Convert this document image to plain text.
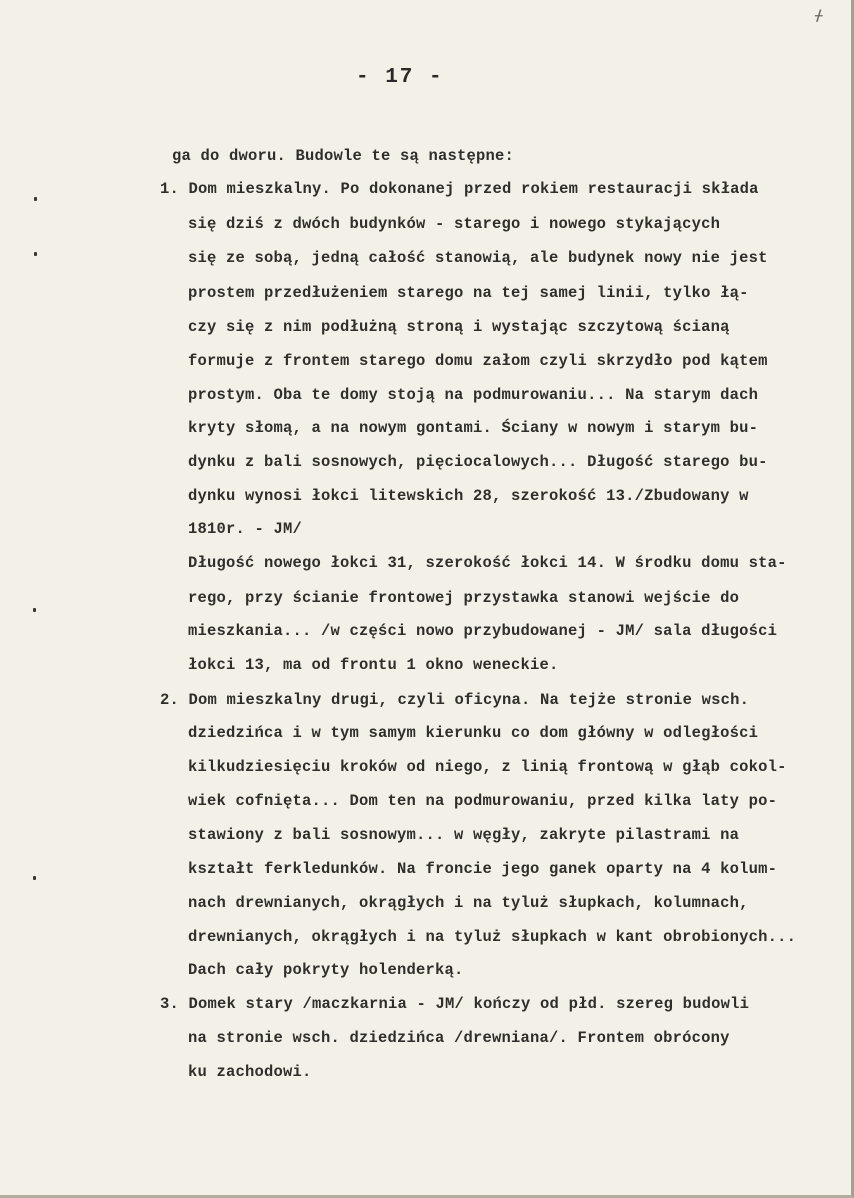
ᚋ
- 17 -
ga do dworu. Budowle te są następne:
1. Dom mieszkalny. Po dokonanej przed rokiem restauracji składa
się dziś z dwóch budynków - starego i nowego stykających
się ze sobą, jedną całość stanowią, ale budynek nowy nie jest
prostem przedłużeniem starego na tej samej linii, tylko łą-
czy się z nim podłużną stroną i wystając szczytową ścianą
formuje z frontem starego domu załom czyli skrzydło pod kątem
prostym. Oba te domy stoją na podmurowaniu... Na starym dach
kryty słomą, a na nowym gontami. Ściany w nowym i starym bu-
dynku z bali sosnowych, pięciocalowych... Długość starego bu-
dynku wynosi łokci litewskich 28, szerokość 13./Zbudowany w
1810r. - JM/
Długość nowego łokci 31, szerokość łokci 14. W środku domu sta-
rego, przy ścianie frontowej przystawka stanowi wejście do
mieszkania... /w części nowo przybudowanej - JM/ sala długości
łokci 13, ma od frontu 1 okno weneckie.
2. Dom mieszkalny drugi, czyli oficyna. Na tejże stronie wsch.
dziedzińca i w tym samym kierunku co dom główny w odległości
kilkudziesięciu kroków od niego, z linią frontową w głąb cokol-
wiek cofnięta... Dom ten na podmurowaniu, przed kilka laty po-
stawiony z bali sosnowym... w węgły, zakryte pilastrami na
kształt ferkledunków. Na froncie jego ganek oparty na 4 kolum-
nach drewnianych, okrągłych i na tyluż słupkach, kolumnach,
drewnianych, okrągłych i na tyluż słupkach w kant obrobionych...
Dach cały pokryty holenderką.
3. Domek stary /maczkarnia - JM/ kończy od płd. szereg budowli
na stronie wsch. dziedzińca /drewniana/. Frontem obrócony
ku zachodowi.
